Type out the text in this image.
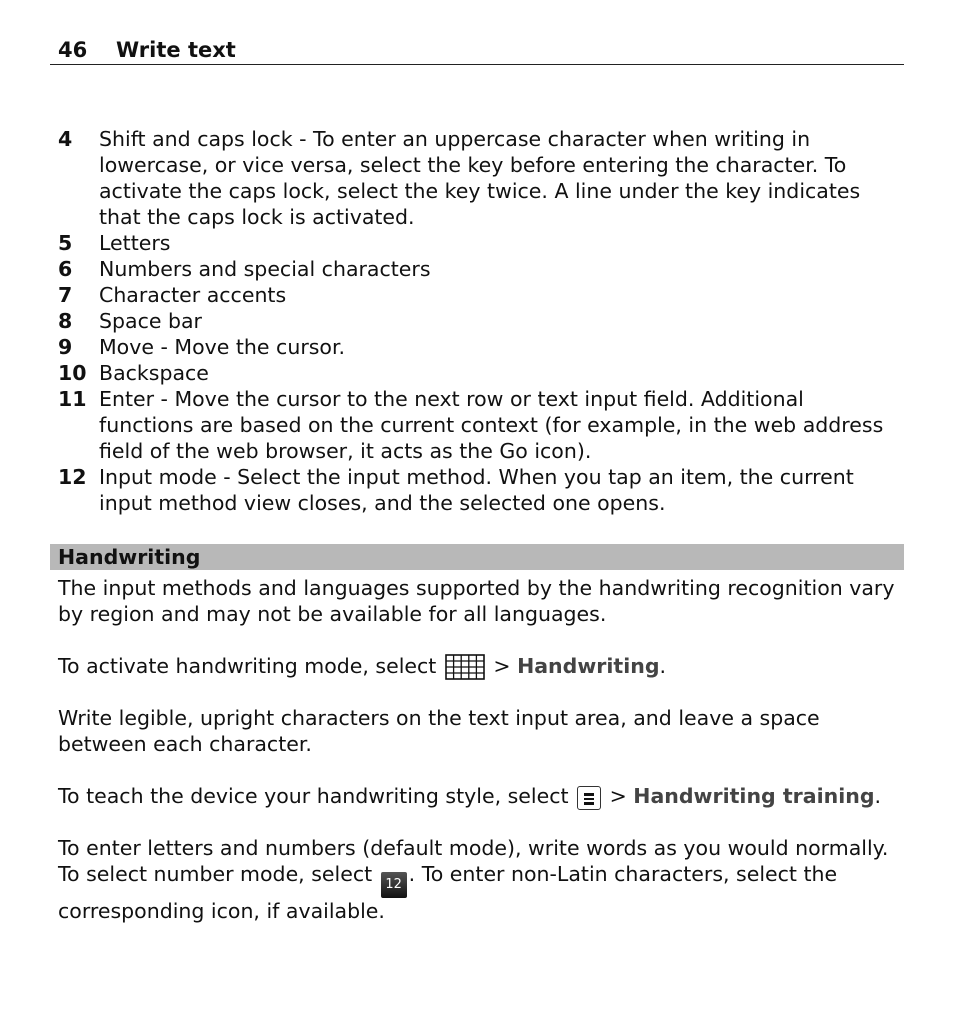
46 Write text
4 Shift and caps lock - To enter an uppercase character when writing in lowercase, or vice versa, select the key before entering the character. To activate the caps lock, select the key twice. A line under the key indicates that the caps lock is activated.
5 Letters
6 Numbers and special characters
7 Character accents
8 Space bar
9 Move - Move the cursor.
10 Backspace
11 Enter - Move the cursor to the next row or text input field. Additional functions are based on the current context (for example, in the web address field of the web browser, it acts as the Go icon).
12 Input mode - Select the input method. When you tap an item, the current input method view closes, and the selected one opens.
Handwriting
The input methods and languages supported by the handwriting recognition vary by region and may not be available for all languages.
To activate handwriting mode, select  > Handwriting.
Write legible, upright characters on the text input area, and leave a space between each character.
To teach the device your handwriting style, select
> Handwriting training.
To enter letters and numbers (default mode), write words as you would normally. To select number mode, select 12 . To enter non-Latin characters, select the corresponding icon, if available.
